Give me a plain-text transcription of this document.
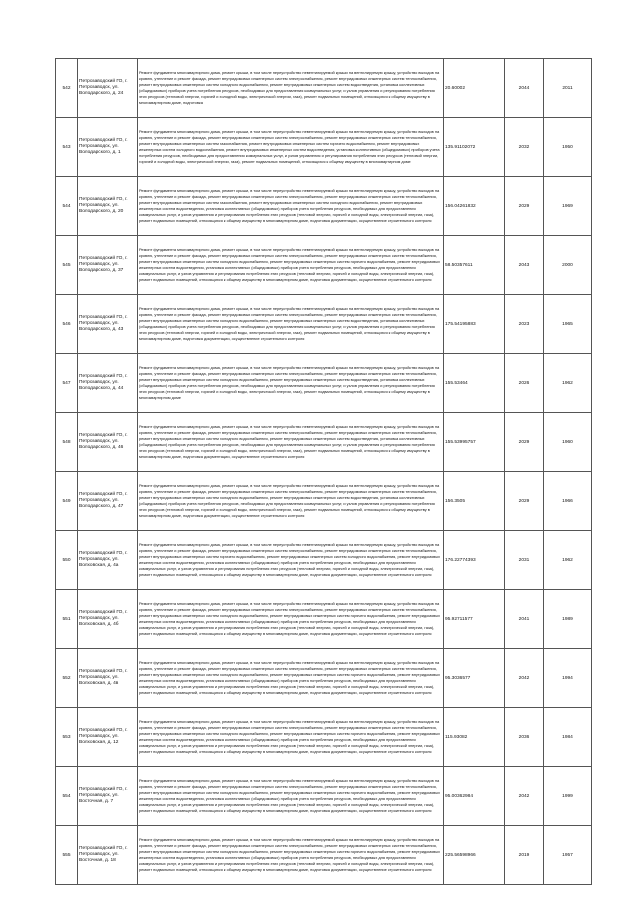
542	Петрозаводский ГО, г. Петрозаводск, ул. Володарского, д. 24	Ремонт фундамента многоквартирного дома, ремонт крыши, в том числе переустройство невентилируемой крыши на вентилируемую крышу, устройство выходов на кровлю, утепление и ремонт фасада, ремонт внутридомовых инженерных систем электроснабжения, ремонт внутридомовых инженерных систем теплоснабжения, ремонт внутридомовых инженерных систем холодного водоснабжения, ремонт внутридомовых инженерных систем водоотведения, установка коллективных (общедомовых) приборов учета потребления ресурсов, необходимых для предоставления коммунальных услуг, и узлов управления и регулирования потребления этих ресурсов (тепловой энергии, горячей и холодной воды, электрической энергии, газа), ремонт подвальных помещений, относящихся к общему имуществу в многоквартирном доме, подготовка	20.60002	2044	2011
543	Петрозаводский ГО, г. Петрозаводск, ул. Володарского, д. 1	Ремонт фундамента многоквартирного дома, ремонт крыши, в том числе переустройство невентилируемой крыши на вентилируемую крышу, устройство выходов на кровлю, утепление и ремонт фасада, ремонт внутридомовых инженерных систем электроснабжения, ремонт внутридомовых инженерных систем теплоснабжения, ремонт внутридомовых инженерных систем газоснабжения, ремонт внутридомовых инженерных систем горячего водоснабжения, ремонт внутридомовых инженерных систем холодного водоснабжения, ремонт внутридомовых инженерных систем водоотведения, установка коллективных (общедомовых) приборов учета потребления ресурсов, необходимых для предоставления коммунальных услуг, и узлов управления и регулирования потребления этих ресурсов (тепловой энергии, горячей и холодной воды, электрической энергии, газа), ремонт подвальных помещений, относящихся к общему имуществу в многоквартирном доме	135.91102072	2032	1950
544	Петрозаводский ГО, г. Петрозаводск, ул. Володарского, д. 20	Ремонт фундамента многоквартирного дома, ремонт крыши, в том числе переустройство невентилируемой крыши на вентилируемую крышу, устройство выходов на кровлю, утепление и ремонт фасада, ремонт внутридомовых инженерных систем электроснабжения, ремонт внутридомовых инженерных систем теплоснабжения, ремонт внутридомовых инженерных систем газоснабжения, ремонт внутридомовых инженерных систем холодного водоснабжения, ремонт внутридомовых инженерных систем водоотведения, установка коллективных (общедомовых) приборов учета потребления ресурсов, необходимых для предоставления коммунальных услуг, и узлов управления и регулирования потребления этих ресурсов (тепловой энергии, горячей и холодной воды, электрической энергии, газа), ремонт подвальных помещений, относящихся к общему имуществу в многоквартирном доме, подготовка документации, осуществление строительного контроля	156.04261832	2029	1969
545	Петрозаводский ГО, г. Петрозаводск, ул. Володарского, д. 37	Ремонт фундамента многоквартирного дома, ремонт крыши, в том числе переустройство невентилируемой крыши на вентилируемую крышу, устройство выходов на кровлю, утепление и ремонт фасада, ремонт внутридомовых инженерных систем электроснабжения, ремонт внутридомовых инженерных систем теплоснабжения, ремонт внутридомовых инженерных систем холодного водоснабжения, ремонт внутридомовых инженерных систем горячего водоснабжения, ремонт внутридомовых инженерных систем водоотведения, установка коллективных (общедомовых) приборов учета потребления ресурсов, необходимых для предоставления коммунальных услуг, и узлов управления и регулирования потребления этих ресурсов (тепловой энергии, горячей и холодной воды, электрической энергии, газа), ремонт подвальных помещений, относящихся к общему имуществу в многоквартирном доме, подготовка документации, осуществление строительного контроля	58.50357611	2043	2000
546	Петрозаводский ГО, г. Петрозаводск, ул. Володарского, д. 43	Ремонт фундамента многоквартирного дома, ремонт крыши, в том числе переустройство невентилируемой крыши на вентилируемую крышу, устройство выходов на кровлю, утепление и ремонт фасада, ремонт внутридомовых инженерных систем электроснабжения, ремонт внутридомовых инженерных систем теплоснабжения, ремонт внутридомовых инженерных систем холодного водоснабжения, ремонт внутридомовых инженерных систем водоотведения, установка коллективных (общедомовых) приборов учета потребления ресурсов, необходимых для предоставления коммунальных услуг, и узлов управления и регулирования потребления этих ресурсов (тепловой энергии, горячей и холодной воды, электрической энергии, газа), ремонт подвальных помещений, относящихся к общему имуществу в многоквартирном доме, подготовка документации, осуществление строительного контроля	175.54195883	2023	1965
547	Петрозаводский ГО, г. Петрозаводск, ул. Володарского, д. 44	Ремонт фундамента многоквартирного дома, ремонт крыши, в том числе переустройство невентилируемой крыши на вентилируемую крышу, устройство выходов на кровлю, утепление и ремонт фасада, ремонт внутридомовых инженерных систем электроснабжения, ремонт внутридомовых инженерных систем теплоснабжения, ремонт внутридомовых инженерных систем холодного водоснабжения, ремонт внутридомовых инженерных систем водоотведения, установка коллективных (общедомовых) приборов учета потребления ресурсов, необходимых для предоставления коммунальных услуг, и узлов управления и регулирования потребления этих ресурсов (тепловой энергии, горячей и холодной воды, электрической энергии, газа), ремонт подвальных помещений, относящихся к общему имуществу в многоквартирном доме	155.53464	2026	1962
548	Петрозаводский ГО, г. Петрозаводск, ул. Володарского, д. 46	Ремонт фундамента многоквартирного дома, ремонт крыши, в том числе переустройство невентилируемой крыши на вентилируемую крышу, устройство выходов на кровлю, утепление и ремонт фасада, ремонт внутридомовых инженерных систем электроснабжения, ремонт внутридомовых инженерных систем теплоснабжения, ремонт внутридомовых инженерных систем холодного водоснабжения, ремонт внутридомовых инженерных систем водоотведения, установка коллективных (общедомовых) приборов учета потребления ресурсов, необходимых для предоставления коммунальных услуг, и узлов управления и регулирования потребления этих ресурсов (тепловой энергии, горячей и холодной воды, электрической энергии, газа), ремонт подвальных помещений, относящихся к общему имуществу в многоквартирном доме, подготовка документации, осуществление строительного контроля	155.53995757	2029	1960
549	Петрозаводский ГО, г. Петрозаводск, ул. Володарского, д. 47	Ремонт фундамента многоквартирного дома, ремонт крыши, в том числе переустройство невентилируемой крыши на вентилируемую крышу, устройство выходов на кровлю, утепление и ремонт фасада, ремонт внутридомовых инженерных систем электроснабжения, ремонт внутридомовых инженерных систем теплоснабжения, ремонт внутридомовых инженерных систем холодного водоснабжения, ремонт внутридомовых инженерных систем водоотведения, установка коллективных (общедомовых) приборов учета потребления ресурсов, необходимых для предоставления коммунальных услуг, и узлов управления и регулирования потребления этих ресурсов (тепловой энергии, горячей и холодной воды, электрической энергии, газа), ремонт подвальных помещений, относящихся к общему имуществу в многоквартирном доме, подготовка документации, осуществление строительного контроля	156.3505	2029	1966
550	Петрозаводский ГО, г. Петрозаводск, ул. Волховская, д. 4а	Ремонт фундамента многоквартирного дома, ремонт крыши, в том числе переустройство невентилируемой крыши на вентилируемую крышу, устройство выходов на кровлю, утепление и ремонт фасада, ремонт внутридомовых инженерных систем электроснабжения, ремонт внутридомовых инженерных систем теплоснабжения, ремонт внутридомовых инженерных систем горячего водоснабжения, ремонт внутридомовых инженерных систем холодного водоснабжения, ремонт внутридомовых инженерных систем водоотведения, установка коллективных (общедомовых) приборов учета потребления ресурсов, необходимых для предоставления коммунальных услуг, и узлов управления и регулирования потребления этих ресурсов (тепловой энергии, горячей и холодной воды, электрической энергии, газа), ремонт подвальных помещений, относящихся к общему имуществу в многоквартирном доме, подготовка документации, осуществление строительного контроля	176.22774393	2031	1962
551	Петрозаводский ГО, г. Петрозаводск, ул. Волховская, д. 4б	Ремонт фундамента многоквартирного дома, ремонт крыши, в том числе переустройство невентилируемой крыши на вентилируемую крышу, устройство выходов на кровлю, утепление и ремонт фасада, ремонт внутридомовых инженерных систем электроснабжения, ремонт внутридомовых инженерных систем теплоснабжения, ремонт внутридомовых инженерных систем холодного водоснабжения, ремонт внутридомовых инженерных систем горячего водоснабжения, ремонт внутридомовых инженерных систем водоотведения, установка коллективных (общедомовых) приборов учета потребления ресурсов, необходимых для предоставления коммунальных услуг, и узлов управления и регулирования потребления этих ресурсов (тепловой энергии, горячей и холодной воды, электрической энергии, газа), ремонт подвальных помещений, относящихся к общему имуществу в многоквартирном доме, подготовка документации, осуществление строительного контроля	95.92711577	2041	1989
552	Петрозаводский ГО, г. Петрозаводск, ул. Волховская, д. 4в	Ремонт фундамента многоквартирного дома, ремонт крыши, в том числе переустройство невентилируемой крыши на вентилируемую крышу, устройство выходов на кровлю, утепление и ремонт фасада, ремонт внутридомовых инженерных систем электроснабжения, ремонт внутридомовых инженерных систем теплоснабжения, ремонт внутридомовых инженерных систем холодного водоснабжения, ремонт внутридомовых инженерных систем горячего водоснабжения, ремонт внутридомовых инженерных систем водоотведения, установка коллективных (общедомовых) приборов учета потребления ресурсов, необходимых для предоставления коммунальных услуг, и узлов управления и регулирования потребления этих ресурсов (тепловой энергии, горячей и холодной воды, электрической энергии, газа), ремонт подвальных помещений, относящихся к общему имуществу в многоквартирном доме, подготовка документации, осуществление строительного контроля	95.3036577	2042	1994
553	Петрозаводский ГО, г. Петрозаводск, ул. Волховская, д. 12	Ремонт фундамента многоквартирного дома, ремонт крыши, в том числе переустройство невентилируемой крыши на вентилируемую крышу, устройство выходов на кровлю, утепление и ремонт фасада, ремонт внутридомовых инженерных систем электроснабжения, ремонт внутридомовых инженерных систем теплоснабжения, ремонт внутридомовых инженерных систем холодного водоснабжения, ремонт внутридомовых инженерных систем горячего водоснабжения, ремонт внутридомовых инженерных систем водоотведения, установка коллективных (общедомовых) приборов учета потребления ресурсов, необходимых для предоставления коммунальных услуг, и узлов управления и регулирования потребления этих ресурсов (тепловой энергии, горячей и холодной воды, электрической энергии, газа), ремонт подвальных помещений, относящихся к общему имуществу в многоквартирном доме, подготовка документации, осуществление строительного контроля	115.93082	2036	1984
554	Петрозаводский ГО, г. Петрозаводск, ул. Восточная, д. 7	Ремонт фундамента многоквартирного дома, ремонт крыши, в том числе переустройство невентилируемой крыши на вентилируемую крышу, устройство выходов на кровлю, утепление и ремонт фасада, ремонт внутридомовых инженерных систем электроснабжения, ремонт внутридомовых инженерных систем теплоснабжения, ремонт внутридомовых инженерных систем холодного водоснабжения, ремонт внутридомовых инженерных систем горячего водоснабжения, ремонт внутридомовых инженерных систем водоотведения, установка коллективных (общедомовых) приборов учета потребления ресурсов, необходимых для предоставления коммунальных услуг, и узлов управления и регулирования потребления этих ресурсов (тепловой энергии, горячей и холодной воды, электрической энергии, газа), ремонт подвальных помещений, относящихся к общему имуществу в многоквартирном доме, подготовка документации, осуществление строительного контроля	95.00362984	2042	1999
555	Петрозаводский ГО, г. Петрозаводск, ул. Восточная, д. 18	Ремонт фундамента многоквартирного дома, ремонт крыши, в том числе переустройство невентилируемой крыши на вентилируемую крышу, устройство выходов на кровлю, утепление и ремонт фасада, ремонт внутридомовых инженерных систем электроснабжения, ремонт внутридомовых инженерных систем теплоснабжения, ремонт внутридомовых инженерных систем холодного водоснабжения, ремонт внутридомовых инженерных систем горячего водоснабжения, ремонт внутридомовых инженерных систем водоотведения, установка коллективных (общедомовых) приборов учета потребления ресурсов, необходимых для предоставления коммунальных услуг, и узлов управления и регулирования потребления этих ресурсов (тепловой энергии, горячей и холодной воды, электрической энергии, газа), ремонт подвальных помещений, относящихся к общему имуществу в многоквартирном доме, подготовка документации, осуществление строительного контроля	225.56598966	2019	1957
